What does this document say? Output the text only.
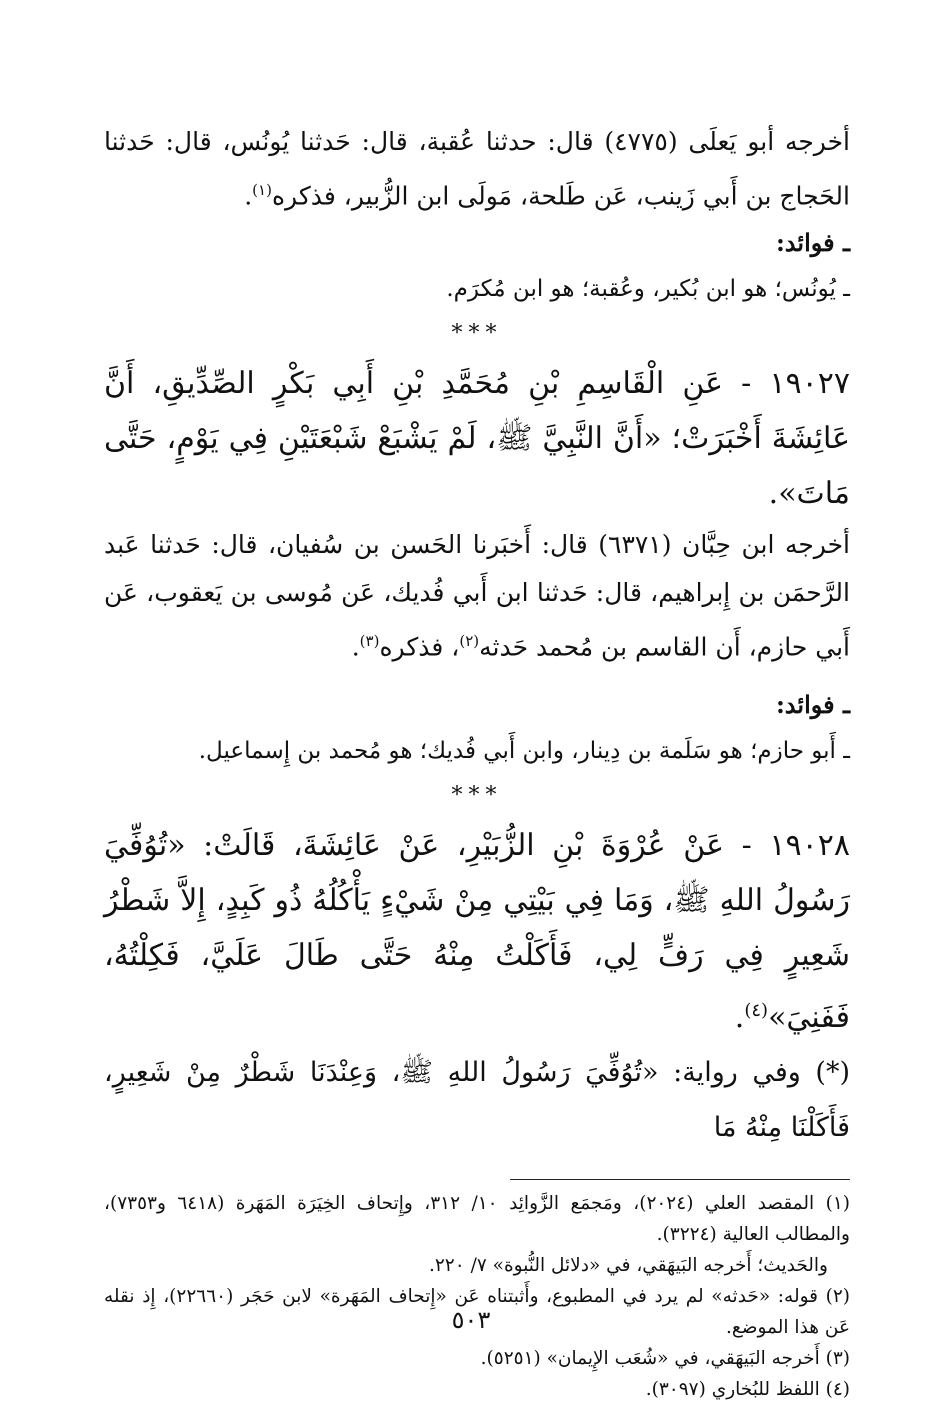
أخرجه أبو يَعلَى (٤٧٧٥) قال: حدثنا عُقبة، قال: حَدثنا يُونُس، قال: حَدثنا الحَجاج بن أَبي زَينب، عَن طَلحة، مَولَى ابن الزُّبير، فذكره$^{(١)}$.

ـ فوائد:

ـ يُونُس؛ هو ابن بُكير، وعُقبة؛ هو ابن مُكرَم.

***

١٩٠٢٧ - عَنِ الْقَاسِمِ بْنِ مُحَمَّدِ بْنِ أَبِي بَكْرٍ الصِّدِّيقِ، أَنَّ عَائِشَةَ أَخْبَرَتْ؛ «أَنَّ النَّبِيَّ ﷺ، لَمْ يَشْبَعْ شَبْعَتَيْنِ فِي يَوْمٍ، حَتَّى مَاتَ».

أخرجه ابن حِبَّان (٦٣٧١) قال: أَخبَرنا الحَسن بن سُفيان، قال: حَدثنا عَبد الرَّحمَن بن إِبراهيم، قال: حَدثنا ابن أَبي فُديك، عَن مُوسى بن يَعقوب، عَن أَبي حازم، أَن القاسم بن مُحمد حَدثه$^{(٢)}$، فذكره$^{(٣)}$.

ـ فوائد:

ـ أَبو حازم؛ هو سَلَمة بن دِينار، وابن أَبي فُديك؛ هو مُحمد بن إِسماعيل.

***

١٩٠٢٨ - عَنْ عُرْوَةَ بْنِ الزُّبَيْرِ، عَنْ عَائِشَةَ، قَالَتْ: «تُوُفِّيَ رَسُولُ اللهِ ﷺ، وَمَا فِي بَيْتِي مِنْ شَيْءٍ يَأْكُلُهُ ذُو كَبِدٍ، إِلاَّ شَطْرُ شَعِيرٍ فِي رَفٍّ لِي، فَأَكَلْتُ مِنْهُ حَتَّى طَالَ عَلَيَّ، فَكِلْتُهُ، فَفَنِيَ»$^{(٤)}$.

(*) وفي رواية: «تُوُفِّيَ رَسُولُ اللهِ ﷺ، وَعِنْدَنَا شَطْرٌ مِنْ شَعِيرٍ، فَأَكَلْنَا مِنْهُ مَا

(١) المقصد العلي (٢٠٢٤)، ومَجمَع الزَّوائِد ١٠/ ٣١٢، وإِتحاف الخِيَرَة المَهَرة (٦٤١٨ و٧٣٥٣)، والمطالب العالية (٣٢٢٤).

والحَديث؛ أَخرجه البَيهَقي، في «دلائل النُّبوة» ٧/ ٢٢٠.

(٢) قوله: «حَدثه» لم يرد في المطبوع، وأَثبتناه عَن «إِتحاف المَهَرة» لابن حَجَر (٢٢٦٦٠)، إِذ نقله عَن هذا الموضع.

(٣) أَخرجه البَيهَقي، في «شُعَب الإِيمان» (٥٢٥١).

(٤) اللفظ للبُخاري (٣٠٩٧).

٥٠٣
